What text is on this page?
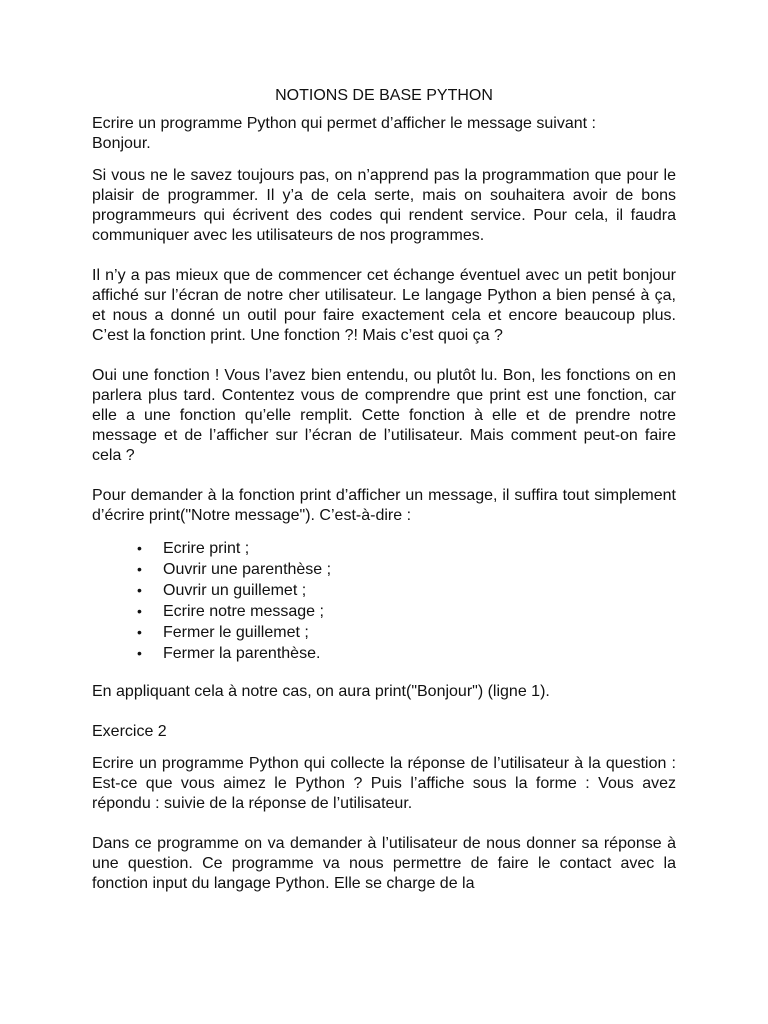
NOTIONS DE BASE PYTHON

Ecrire un programme Python qui permet d’afficher le message suivant : Bonjour.

Si vous ne le savez toujours pas, on n’apprend pas la programmation que pour le plaisir de programmer. Il y’a de cela serte, mais on souhaitera avoir de bons programmeurs qui écrivent des codes qui rendent service. Pour cela, il faudra communiquer avec les utilisateurs de nos programmes.

Il n’y a pas mieux que de commencer cet échange éventuel avec un petit bonjour affiché sur l’écran de notre cher utilisateur. Le langage Python a bien pensé à ça, et nous a donné un outil pour faire exactement cela et encore beaucoup plus. C’est la fonction print. Une fonction ?! Mais c’est quoi ça ?

Oui une fonction ! Vous l’avez bien entendu, ou plutôt lu. Bon, les fonctions on en parlera plus tard. Contentez vous de comprendre que print est une fonction, car elle a une fonction qu’elle remplit. Cette fonction à elle et de prendre notre message et de l’afficher sur l’écran de l’utilisateur. Mais comment peut-on faire cela ?

Pour demander à la fonction print d’afficher un message, il suffira tout simplement d’écrire print("Notre message"). C’est-à-dire :

• Ecrire print ;
• Ouvrir une parenthèse ;
• Ouvrir un guillemet ;
• Ecrire notre message ;
• Fermer le guillemet ;
• Fermer la parenthèse.

En appliquant cela à notre cas, on aura print("Bonjour") (ligne 1).

Exercice 2

Ecrire un programme Python qui collecte la réponse de l’utilisateur à la question : Est-ce que vous aimez le Python ? Puis l’affiche sous la forme : Vous avez répondu : suivie de la réponse de l’utilisateur.

Dans ce programme on va demander à l’utilisateur de nous donner sa réponse à une question. Ce programme va nous permettre de faire le contact avec la fonction input du langage Python. Elle se charge de la
